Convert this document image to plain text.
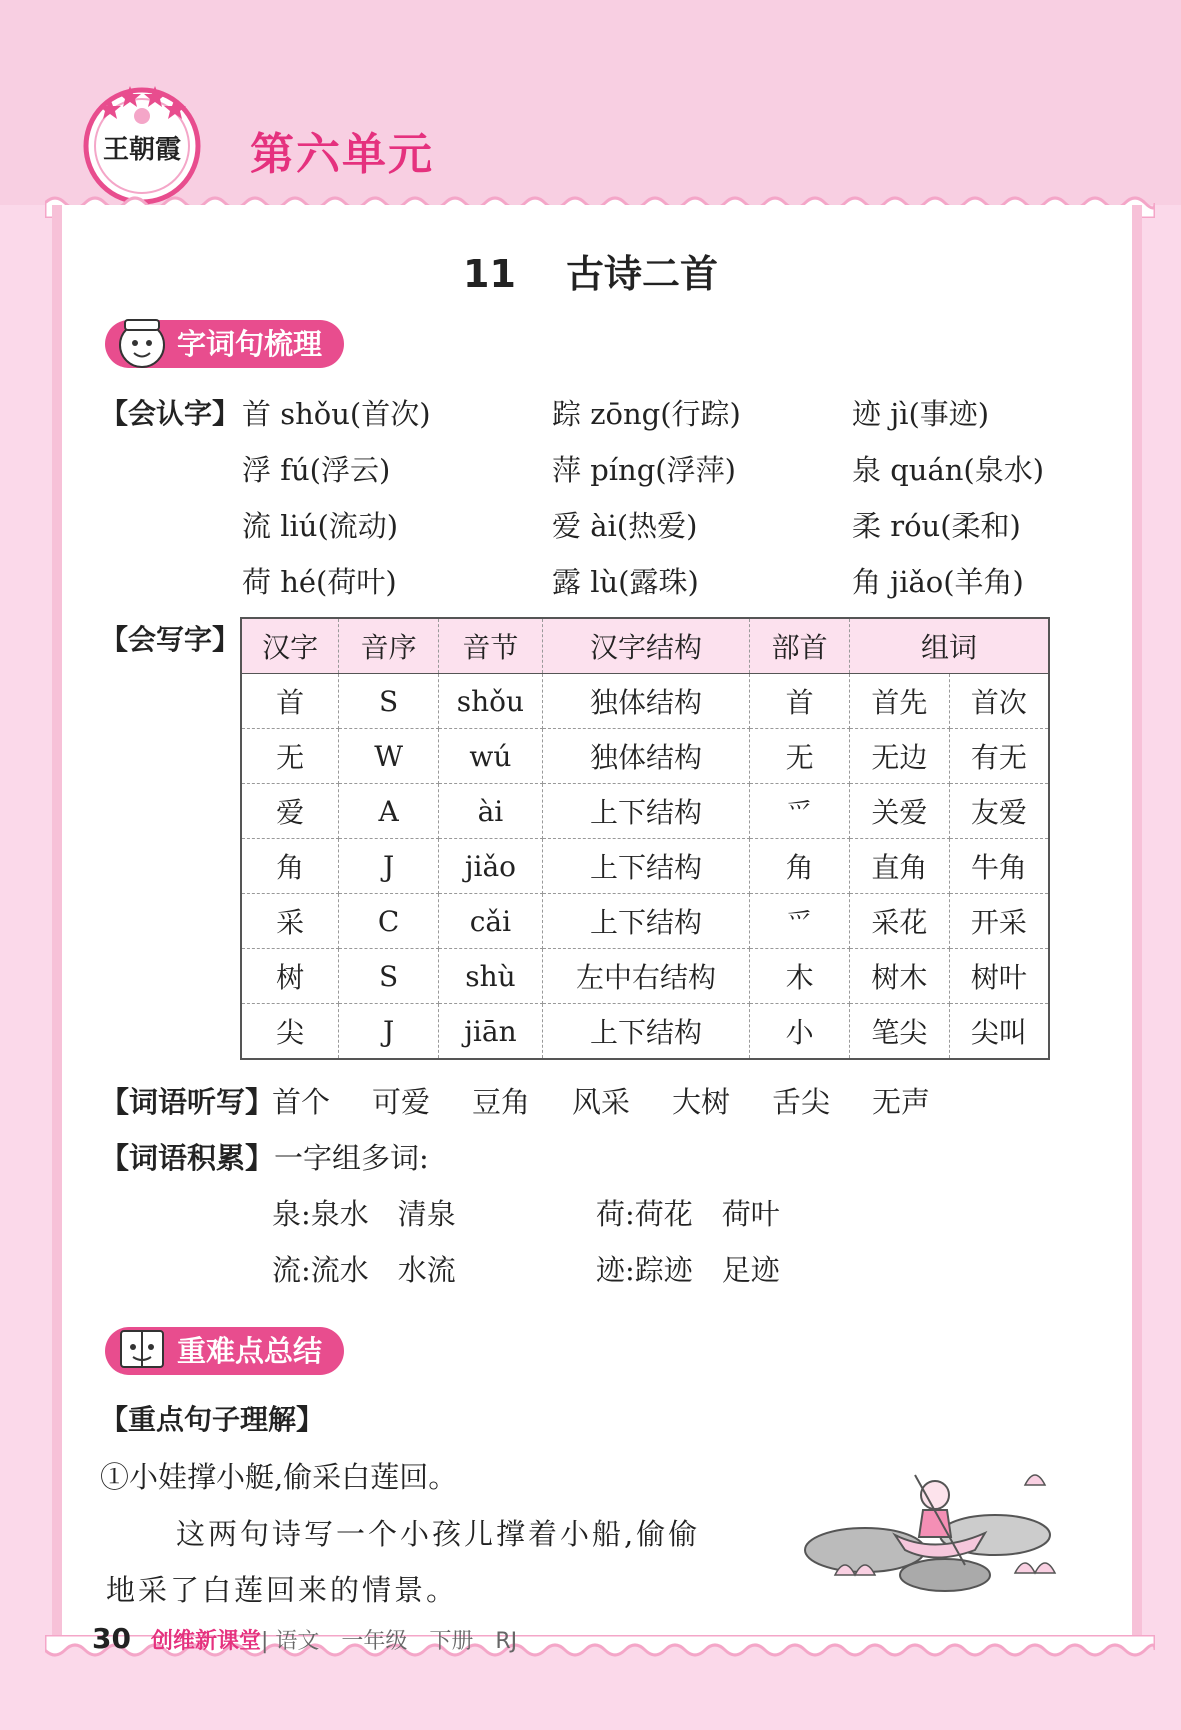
王朝霞 第六单元
11 古诗二首
字词句梳理
【会认字】 首 shǒu(首次)	踪 zōng(行踪)	迹 jì(事迹)
浮 fú(浮云)	萍 píng(浮萍)	泉 quán(泉水)
流 liú(流动)	爱 ài(热爱)	柔 róu(柔和)
荷 hé(荷叶)	露 lù(露珠)	角 jiǎo(羊角)
【会写字】 汉字	音序	音节	汉字结构	部首	组词	
首	S	shǒu	独体结构	首	首先	首次
无	W	wú	独体结构	无	无边	有无
爱	A	ài	上下结构	爫	关爱	友爱
角	J	jiǎo	上下结构	角	直角	牛角
采	C	cǎi	上下结构	爫	采花	开采
树	S	shù	左中右结构	木	树木	树叶
尖	J	jiān	上下结构	小	笔尖	尖叫
【词语听写】
首个 可爱 豆角 风采 大树 舌尖 无声
【词语积累】一字组多词:
泉:泉水　清泉	荷:荷花　荷叶
流:流水　水流	迹:踪迹　足迹
重难点总结
【重点句子理解】
①小娃撑小艇,偷采白莲回。
这两句诗写一个小孩儿撑着小船,偷偷
地采了白莲回来的情景。
30 创维新课堂| 语文　一年级　下册　RJ
